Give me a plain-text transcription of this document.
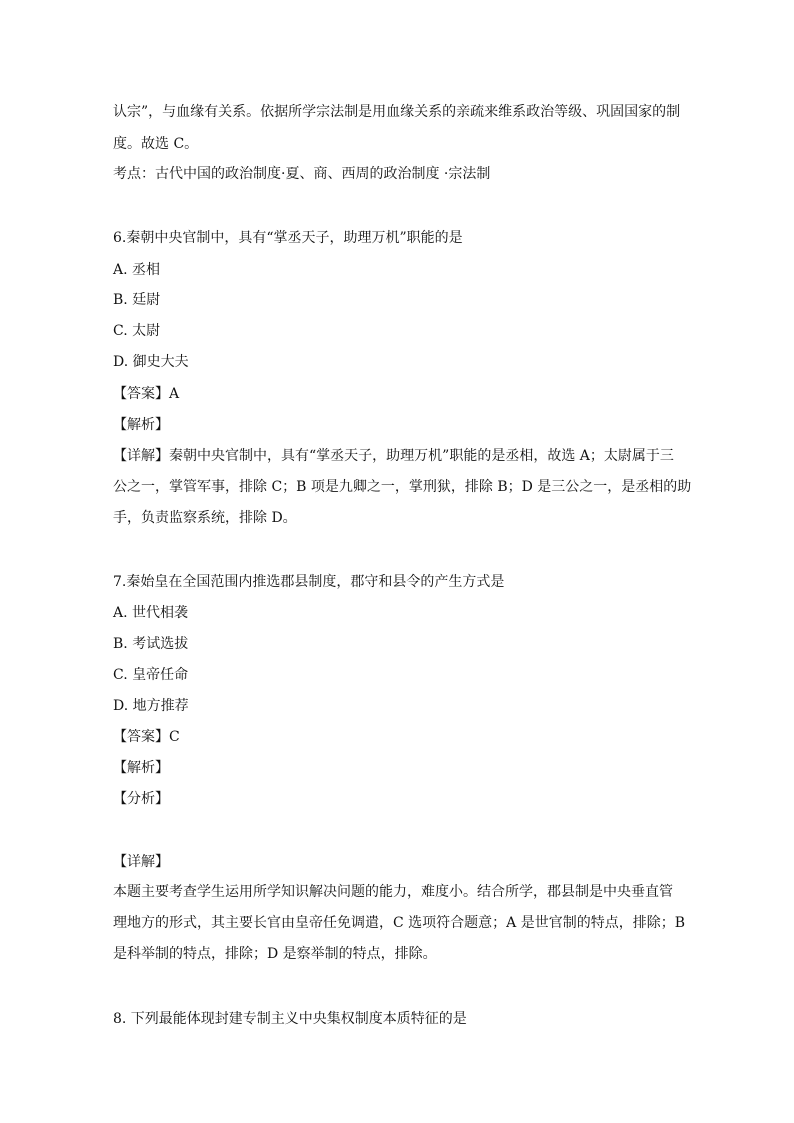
认宗”，与血缘有关系。依据所学宗法制是用血缘关系的亲疏来维系政治等级、巩固国家的制
度。故选 C。
考点：古代中国的政治制度·夏、商、西周的政治制度 ·宗法制
6.秦朝中央官制中，具有“掌丞天子，助理万机”职能的是
A. 丞相
B. 廷尉
C. 太尉
D. 御史大夫
【答案】A
【解析】
【详解】秦朝中央官制中，具有“掌丞天子，助理万机”职能的是丞相，故选 A；太尉属于三
公之一，掌管军事，排除 C；B 项是九卿之一，掌刑狱，排除 B；D 是三公之一，是丞相的助
手，负责监察系统，排除 D。
7.秦始皇在全国范围内推选郡县制度，郡守和县令的产生方式是
A. 世代相袭
B. 考试选拔
C. 皇帝任命
D. 地方推荐
【答案】C
【解析】
【分析】
【详解】
本题主要考查学生运用所学知识解决问题的能力，难度小。结合所学，郡县制是中央垂直管
理地方的形式，其主要长官由皇帝任免调遣，C 选项符合题意；A 是世官制的特点，排除；B
是科举制的特点，排除；D 是察举制的特点，排除。
8. 下列最能体现封建专制主义中央集权制度本质特征的是
